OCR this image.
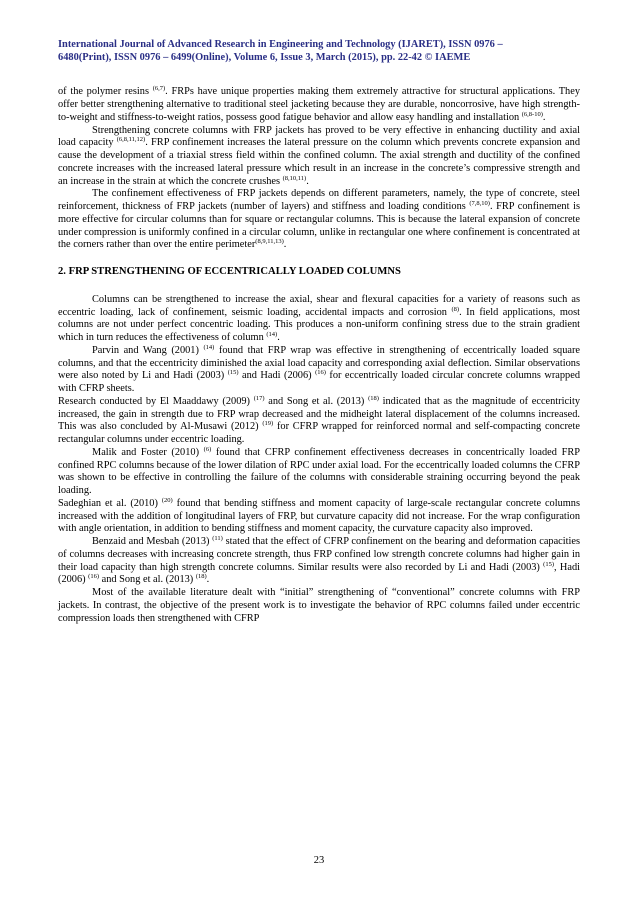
International Journal of Advanced Research in Engineering and Technology (IJARET), ISSN 0976 –
6480(Print), ISSN 0976 – 6499(Online), Volume 6, Issue 3, March (2015), pp. 22-42 © IAEME

of the polymer resins $^{(6,7)}$. FRPs have unique properties making them extremely attractive for structural applications. They offer better strengthening alternative to traditional steel jacketing because they are durable, noncorrosive, have high strength-to-weight and stiffness-to-weight ratios, possess good fatigue behavior and allow easy handling and installation $^{(6,8-10)}$.

Strengthening concrete columns with FRP jackets has proved to be very effective in enhancing ductility and axial load capacity $^{(6,8,11,12)}$. FRP confinement increases the lateral pressure on the column which prevents concrete expansion and cause the development of a triaxial stress field within the confined column. The axial strength and ductility of the confined concrete increases with the increased lateral pressure which result in an increase in the concrete’s compressive strength and an increase in the strain at which the concrete crushes $^{(8,10,11)}$.

The confinement effectiveness of FRP jackets depends on different parameters, namely, the type of concrete, steel reinforcement, thickness of FRP jackets (number of layers) and stiffness and loading conditions $^{(7,8,10)}$. FRP confinement is more effective for circular columns than for square or rectangular columns. This is because the lateral expansion of concrete under compression is uniformly confined in a circular column, unlike in rectangular one where confinement is concentrated at the corners rather than over the entire perimeter$^{(8,9,11,13)}$.

2. FRP STRENGTHENING OF ECCENTRICALLY LOADED COLUMNS

Columns can be strengthened to increase the axial, shear and flexural capacities for a variety of reasons such as eccentric loading, lack of confinement, seismic loading, accidental impacts and corrosion $^{(8)}$. In field applications, most columns are not under perfect concentric loading. This produces a non-uniform confining stress due to the strain gradient which in turn reduces the effectiveness of column $^{(14)}$.

Parvin and Wang (2001) $^{(14)}$ found that FRP wrap was effective in strengthening of eccentrically loaded square columns, and that the eccentricity diminished the axial load capacity and corresponding axial deflection. Similar observations were also noted by Li and Hadi (2003) $^{(15)}$ and Hadi (2006) $^{(16)}$ for eccentrically loaded circular concrete columns wrapped with CFRP sheets.

Research conducted by El Maaddawy (2009) $^{(17)}$ and Song et al. (2013) $^{(18)}$ indicated that as the magnitude of eccentricity increased, the gain in strength due to FRP wrap decreased and the midheight lateral displacement of the columns increased. This was also concluded by Al-Musawi (2012) $^{(19)}$ for CFRP wrapped for reinforced normal and self-compacting concrete rectangular columns under eccentric loading.

Malik and Foster (2010) $^{(6)}$ found that CFRP confinement effectiveness decreases in concentrically loaded FRP confined RPC columns because of the lower dilation of RPC under axial load. For the eccentrically loaded columns the CFRP was shown to be effective in controlling the failure of the columns with considerable straining occurring beyond the peak loading.

Sadeghian et al. (2010) $^{(20)}$ found that bending stiffness and moment capacity of large-scale rectangular concrete columns increased with the addition of longitudinal layers of FRP, but curvature capacity did not increase. For the wrap configuration with angle orientation, in addition to bending stiffness and moment capacity, the curvature capacity also improved.

Benzaid and Mesbah (2013) $^{(11)}$ stated that the effect of CFRP confinement on the bearing and deformation capacities of columns decreases with increasing concrete strength, thus FRP confined low strength concrete columns had higher gain in their load capacity than high strength concrete columns. Similar results were also recorded by Li and Hadi (2003) $^{(15)}$, Hadi (2006) $^{(16)}$ and Song et al. (2013) $^{(18)}$.

Most of the available literature dealt with “initial” strengthening of “conventional” concrete columns with FRP jackets. In contrast, the objective of the present work is to investigate the behavior of RPC columns failed under eccentric compression loads then strengthened with CFRP

23
